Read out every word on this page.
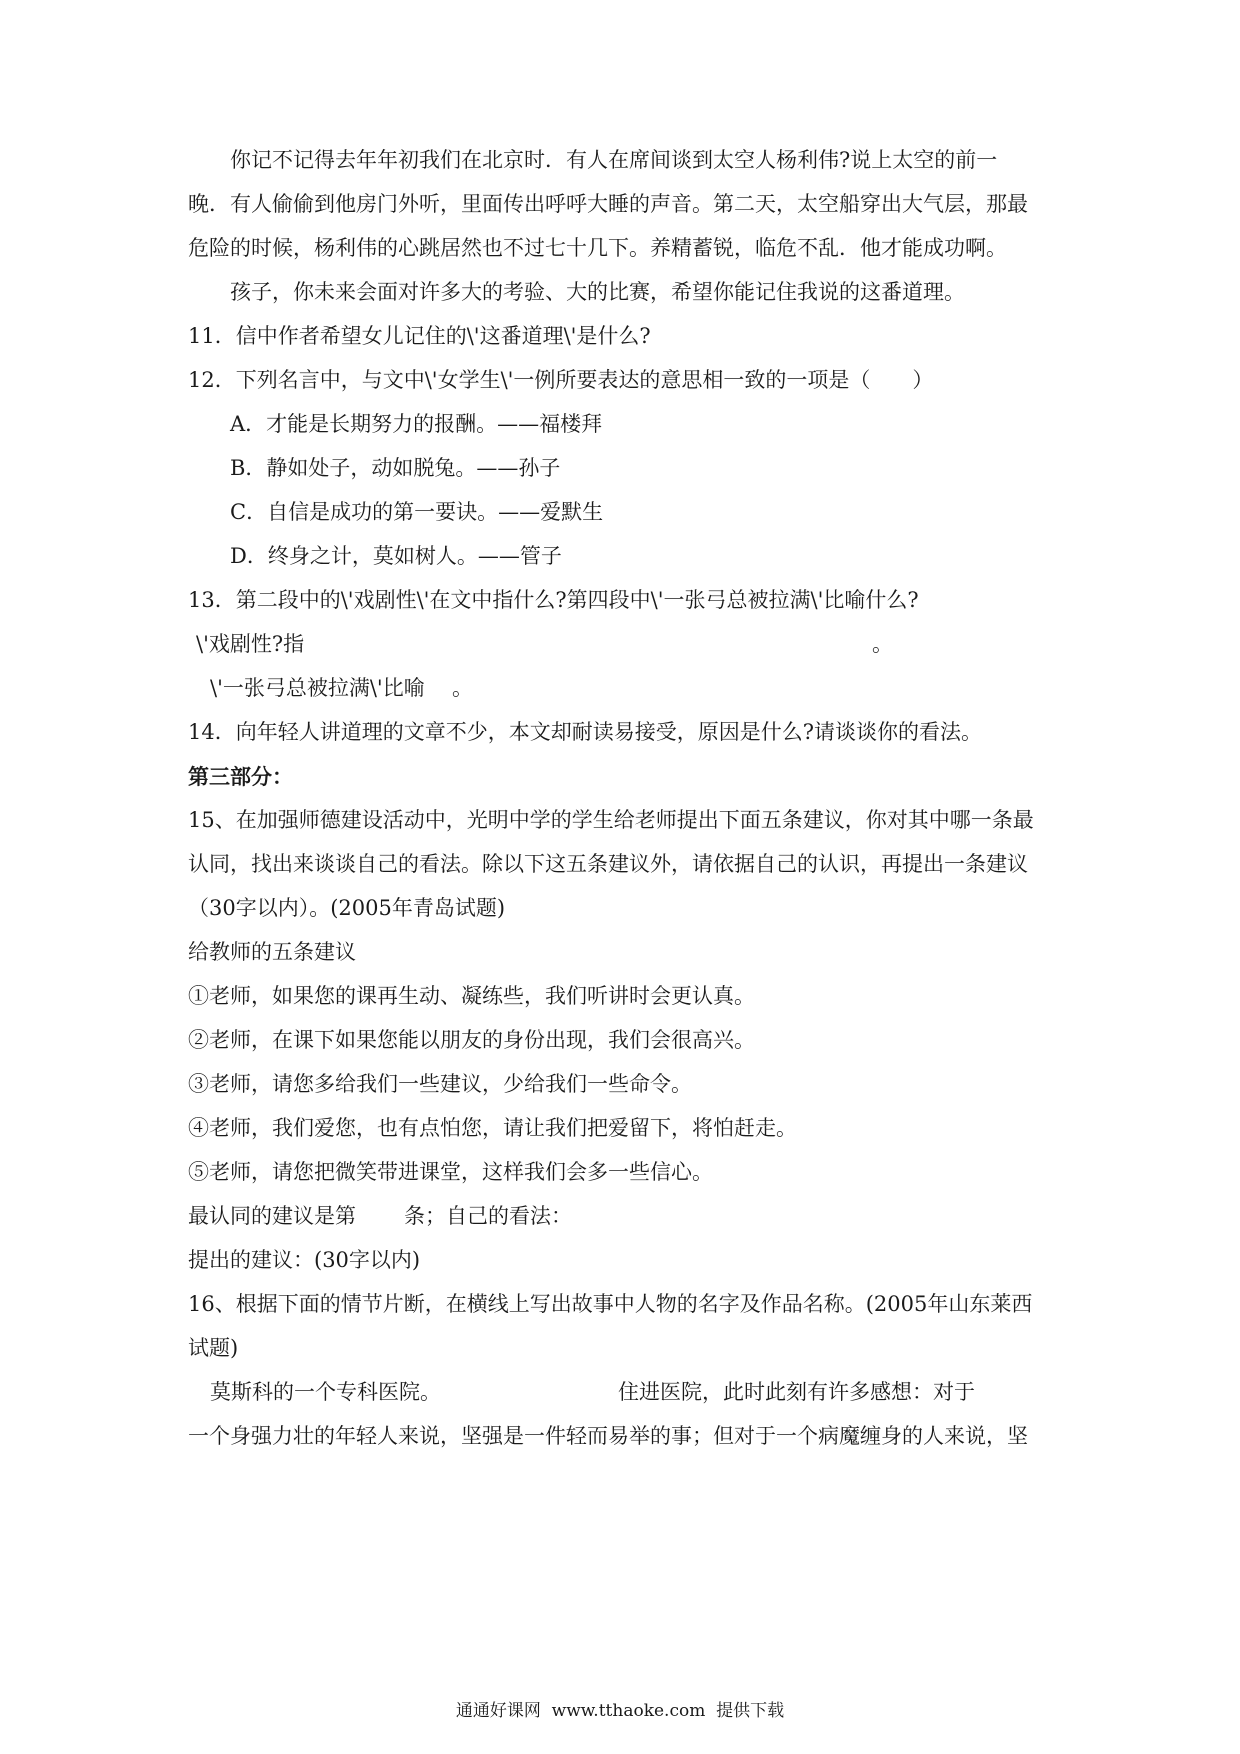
你记不记得去年年初我们在北京时．有人在席间谈到太空人杨利伟?说上太空的前一
晚．有人偷偷到他房门外听，里面传出呼呼大睡的声音。第二天，太空船穿出大气层，那最
危险的时候，杨利伟的心跳居然也不过七十几下。养精蓄锐，临危不乱．他才能成功啊。
孩子，你未来会面对许多大的考验、大的比赛，希望你能记住我说的这番道理。
11．信中作者希望女儿记住的\'这番道理\'是什么?
12．下列名言中，与文中\'女学生\'一例所要表达的意思相一致的一项是（　　）
A．才能是长期努力的报酬。——福楼拜
B．静如处子，动如脱兔。——孙子
C．自信是成功的第一要诀。——爱默生
D．终身之计，莫如树人。——管子
13．第二段中的\'戏剧性\'在文中指什么?第四段中\'一张弓总被拉满\'比喻什么?
\'戏剧性?指	。
\'一张弓总被拉满\'比喻 。
14．向年轻人讲道理的文章不少，本文却耐读易接受，原因是什么?请谈谈你的看法。
第三部分：
15、在加强师德建设活动中，光明中学的学生给老师提出下面五条建议，你对其中哪一条最
认同，找出来谈谈自己的看法。除以下这五条建议外，请依据自己的认识，再提出一条建议
（30字以内）。(2005年青岛试题)
给教师的五条建议
①老师，如果您的课再生动、凝练些，我们听讲时会更认真。
②老师，在课下如果您能以朋友的身份出现，我们会很高兴。
③老师，请您多给我们一些建议，少给我们一些命令。
④老师，我们爱您，也有点怕您，请让我们把爱留下，将怕赶走。
⑤老师，请您把微笑带进课堂，这样我们会多一些信心。
最认同的建议是第 条；自己的看法：
提出的建议：(30字以内)
16、根据下面的情节片断，在横线上写出故事中人物的名字及作品名称。(2005年山东莱西
试题)
莫斯科的一个专科医院。	住进医院，此时此刻有许多感想：对于
一个身强力壮的年轻人来说，坚强是一件轻而易举的事；但对于一个病魔缠身的人来说，坚
通通好课网  www.tthaoke.com  提供下载
